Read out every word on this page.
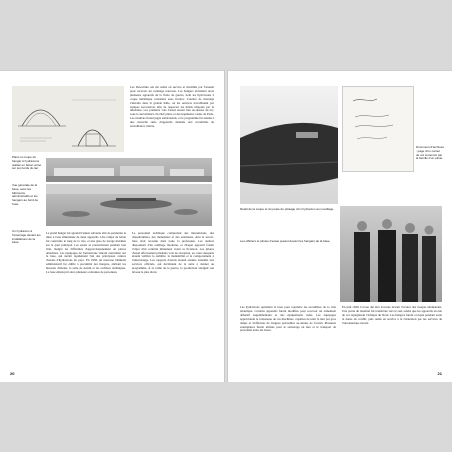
Plans et coupe du hangar à hydravions réalisé en béton armé sur les bords du lac.
Vue générale de la base, avec les bâtiments administratifs et les hangars au bord de l'eau.
Un hydravion à l'amarrage devant les installations de la base.
Les Dewoitine ont été remis en service et modifiés par l'arsenal pour recevoir un carénage nouveau. Les hangars abritaient alors plusieurs appareils de la flotte de guerre, dont les hydravions à coque métallique construits sous licence. L'atelier de montage s'installa dans la grande halle, où les ouvriers travaillaient par équipes successives afin de respecter les délais imposés par le ministère. Les premiers vols d'essai eurent lieu au-dessus du lac, sous la surveillance du chef pilote et des ingénieurs venus de Paris. Les résultats furent jugés satisfaisants, et le programme fut étendu à une nouvelle série d'appareils destinés aux escadrilles de surveillance côtière.
Le grand hangar fut agrandi l'année suivante afin de permettre la mise à l'eau simultanée de deux appareils. Une rampe de béton fut construite le long de la rive, et une grue de levage installée sur le quai principal. Les essais se poursuivirent pendant tout l'été, malgré les difficultés d'approvisionnement en pièces détachées. Les équipages de l'aéronavale vinrent s'entraîner sur la base, qui devint rapidement l'un des principaux centres d'essais d'hydravions du pays. En 1938, un nouveau bâtiment administratif fut édifié à proximité des hangars, abritant les bureaux d'études, la salle de dessin et les archives techniques. La base employait alors plusieurs centaines de personnes.
Le personnel technique comprenait des mécaniciens, des chaudronniers, des menuisiers et des entoileurs, dont le savoir-faire était reconnu dans toute la profession. Les ateliers disposaient d'un outillage moderne, et chaque appareil faisait l'objet d'un contrôle minutieux avant sa livraison. Les pilotes d'essai effectuaient plusieurs vols de réception, au cours desquels étaient vérifiés la stabilité, la maniabilité et le comportement à l'amerrissage. Les rapports d'essais étaient ensuite transmis aux services officiels, qui décidaient de la suite à donner au programme. À la veille de la guerre, la production atteignit son niveau le plus élevé.
20
Détail de la coque et du poste de pilotage d'un hydravion au mouillage.
Document d'archives : page d'un carnet de vol conservé par la famille d'un pilote.
Les officiers et pilotes d'essai posant devant les hangars de la base.
Les hydravions quittaient la base pour rejoindre les escadrilles de la côte atlantique. Certains appareils furent modifiés pour recevoir un armement défensif supplémentaire et des équipements radio. Les équipages appréciaient la robustesse de ces machines, capables de tenir la mer par gros temps et d'effectuer de longues patrouilles au-dessus de l'océan. Plusieurs exemplaires furent utilisés pour le sauvetage en mer et le transport de personnel entre les bases.
En juin 1940, la base dut être évacuée devant l'avance des troupes allemandes. Une partie du matériel fut transférée vers le sud, tandis que les appareils en état de vol rejoignirent l'Afrique du Nord. Les hangars furent occupés pendant toute la durée du conflit, puis remis en service à la Libération par les services de l'aéronautique navale.
21
